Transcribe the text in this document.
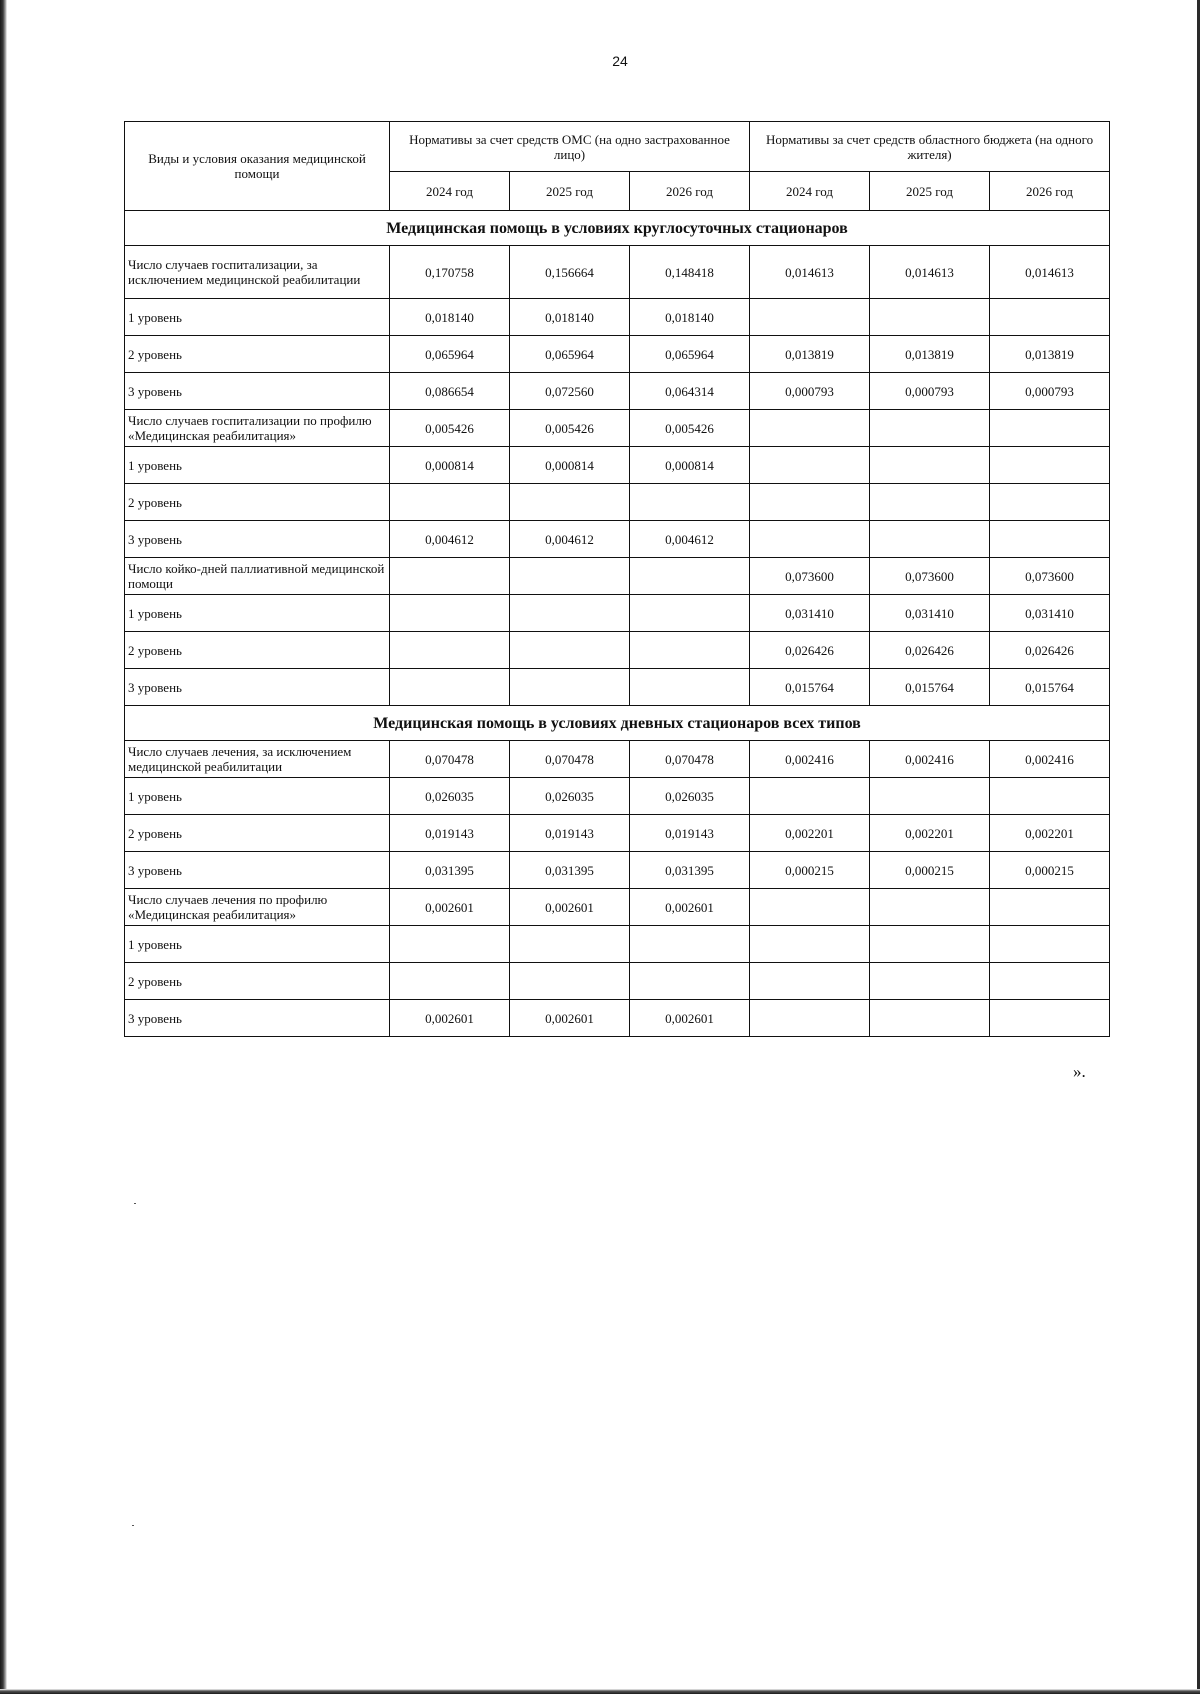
24
Виды и условия оказания медицинской помощи	Нормативы за счет средств ОМС (на одно застрахованное лицо)			Нормативы за счет средств областного бюджета (на одного жителя)		
	2024 год	2025 год	2026 год	2024 год	2025 год	2026 год
Медицинская помощь в условиях круглосуточных стационаров						
Число случаев госпитализации, за исключением медицинской реабилитации	0,170758	0,156664	0,148418	0,014613	0,014613	0,014613
1 уровень	0,018140	0,018140	0,018140			
2 уровень	0,065964	0,065964	0,065964	0,013819	0,013819	0,013819
3 уровень	0,086654	0,072560	0,064314	0,000793	0,000793	0,000793
Число случаев госпитализации по профилю «Медицинская реабилитация»	0,005426	0,005426	0,005426			
1 уровень	0,000814	0,000814	0,000814			
2 уровень						
3 уровень	0,004612	0,004612	0,004612			
Число койко-дней паллиативной медицинской помощи				0,073600	0,073600	0,073600
1 уровень				0,031410	0,031410	0,031410
2 уровень				0,026426	0,026426	0,026426
3 уровень				0,015764	0,015764	0,015764
Медицинская помощь в условиях дневных стационаров всех типов						
Число случаев лечения, за исключением медицинской реабилитации	0,070478	0,070478	0,070478	0,002416	0,002416	0,002416
1 уровень	0,026035	0,026035	0,026035			
2 уровень	0,019143	0,019143	0,019143	0,002201	0,002201	0,002201
3 уровень	0,031395	0,031395	0,031395	0,000215	0,000215	0,000215
Число случаев лечения по профилю «Медицинская реабилитация»	0,002601	0,002601	0,002601			
1 уровень						
2 уровень						
3 уровень	0,002601	0,002601	0,002601			
».
